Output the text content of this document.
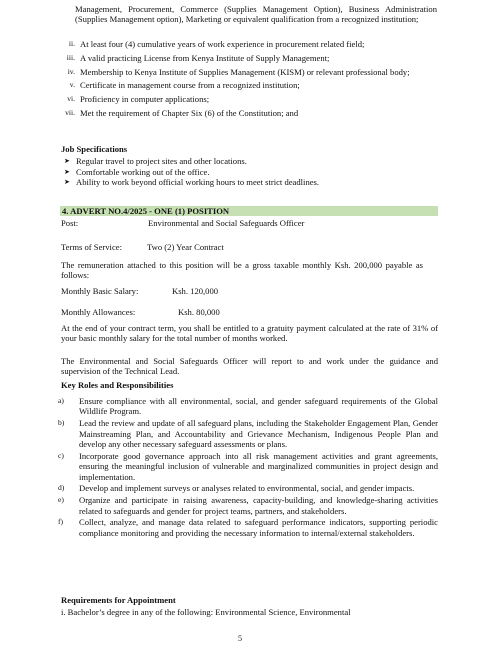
Management, Procurement, Commerce (Supplies Management Option), Business Administration (Supplies Management option), Marketing or equivalent qualification from a recognized institution;
ii. At least four (4) cumulative years of work experience in procurement related field;
iii. A valid practicing License from Kenya Institute of Supply Management;
iv. Membership to Kenya Institute of Supplies Management (KISM) or relevant professional body;
v. Certificate in management course from a recognized institution;
vi. Proficiency in computer applications;
vii. Met the requirement of Chapter Six (6) of the Constitution; and
Job Specifications
➤ Regular travel to project sites and other locations.
➤ Comfortable working out of the office.
➤ Ability to work beyond official working hours to meet strict deadlines.
4. ADVERT NO.4/2025 - ONE (1) POSITION
Post:	Environmental and Social Safeguards Officer
Terms of Service:	Two (2) Year Contract
The remuneration attached to this position will be a gross taxable monthly Ksh. 200,000 payable as follows:
Monthly Basic Salary:	Ksh. 120,000
Monthly Allowances:	Ksh. 80,000
At the end of your contract term, you shall be entitled to a gratuity payment calculated at the rate of 31% of your basic monthly salary for the total number of months worked.
The Environmental and Social Safeguards Officer will report to and work under the guidance and supervision of the Technical Lead.
Key Roles and Responsibilities
a)	Ensure compliance with all environmental, social, and gender safeguard requirements of the Global Wildlife Program.
b)	Lead the review and update of all safeguard plans, including the Stakeholder Engagement Plan, Gender Mainstreaming Plan, and Accountability and Grievance Mechanism, Indigenous People Plan and develop any other necessary safeguard assessments or plans.
c)	Incorporate good governance approach into all risk management activities and grant agreements, ensuring the meaningful inclusion of vulnerable and marginalized communities in project design and implementation.
d)	Develop and implement surveys or analyses related to environmental, social, and gender impacts.
e)	Organize and participate in raising awareness, capacity-building, and knowledge-sharing activities related to safeguards and gender for project teams, partners, and stakeholders.
f)	Collect, analyze, and manage data related to safeguard performance indicators, supporting periodic compliance monitoring and providing the necessary information to internal/external stakeholders.
Requirements for Appointment
i. Bachelor’s degree in any of the following: Environmental Science, Environmental
5
